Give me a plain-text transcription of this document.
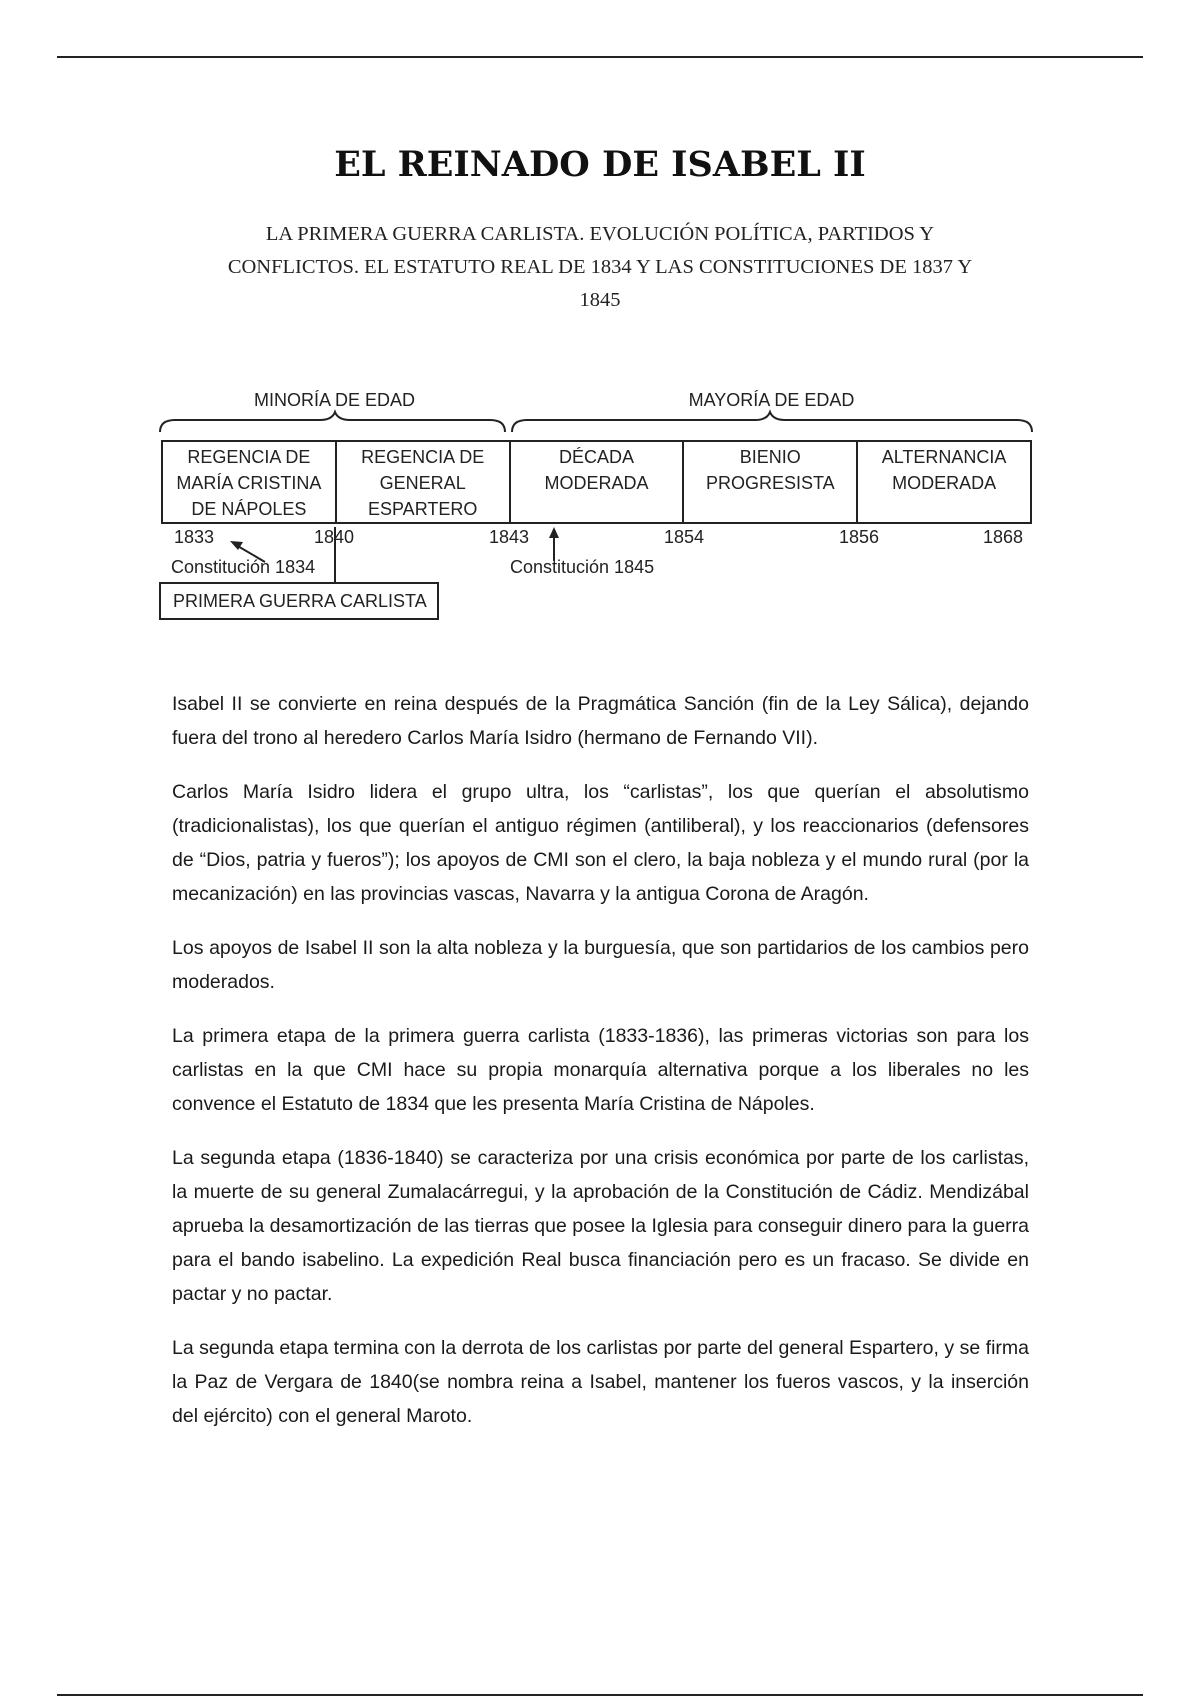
EL REINADO DE ISABEL II
LA PRIMERA GUERRA CARLISTA. EVOLUCIÓN POLÍTICA, PARTIDOS Y
CONFLICTOS. EL ESTATUTO REAL DE 1834 Y LAS CONSTITUCIONES DE 1837 Y
1845
MINORÍA DE EDAD	MAYORÍA DE EDAD
REGENCIA DE
MARÍA CRISTINA
DE NÁPOLES
REGENCIA DE
GENERAL
ESPARTERO
DÉCADA
MODERADA
BIENIO
PROGRESISTA
ALTERNANCIA
MODERADA
1833	1840	1843	1854	1856	1868
Constitución 1834	Constitución 1845
PRIMERA GUERRA CARLISTA

Isabel II se convierte en reina después de la Pragmática Sanción (fin de la Ley Sálica), dejando fuera del trono al heredero Carlos María Isidro (hermano de Fernando VII).

Carlos María Isidro lidera el grupo ultra, los “carlistas”, los que querían el absolutismo (tradicionalistas), los que querían el antiguo régimen (antiliberal), y los reaccionarios (defensores de “Dios, patria y fueros”); los apoyos de CMI son el clero, la baja nobleza y el mundo rural (por la mecanización) en las provincias vascas, Navarra y la antigua Corona de Aragón.

Los apoyos de Isabel II son la alta nobleza y la burguesía, que son partidarios de los cambios pero moderados.

La primera etapa de la primera guerra carlista (1833-1836), las primeras victorias son para los carlistas en la que CMI hace su propia monarquía alternativa porque a los liberales no les convence el Estatuto de 1834 que les presenta María Cristina de Nápoles.

La segunda etapa (1836-1840) se caracteriza por una crisis económica por parte de los carlistas, la muerte de su general Zumalacárregui, y la aprobación de la Constitución de Cádiz. Mendizábal aprueba la desamortización de las tierras que posee la Iglesia para conseguir dinero para la guerra para el bando isabelino. La expedición Real busca financiación pero es un fracaso. Se divide en pactar y no pactar.

La segunda etapa termina con la derrota de los carlistas por parte del general Espartero, y se firma la Paz de Vergara de 1840(se nombra reina a Isabel, mantener los fueros vascos, y la inserción del ejército) con el general Maroto.
